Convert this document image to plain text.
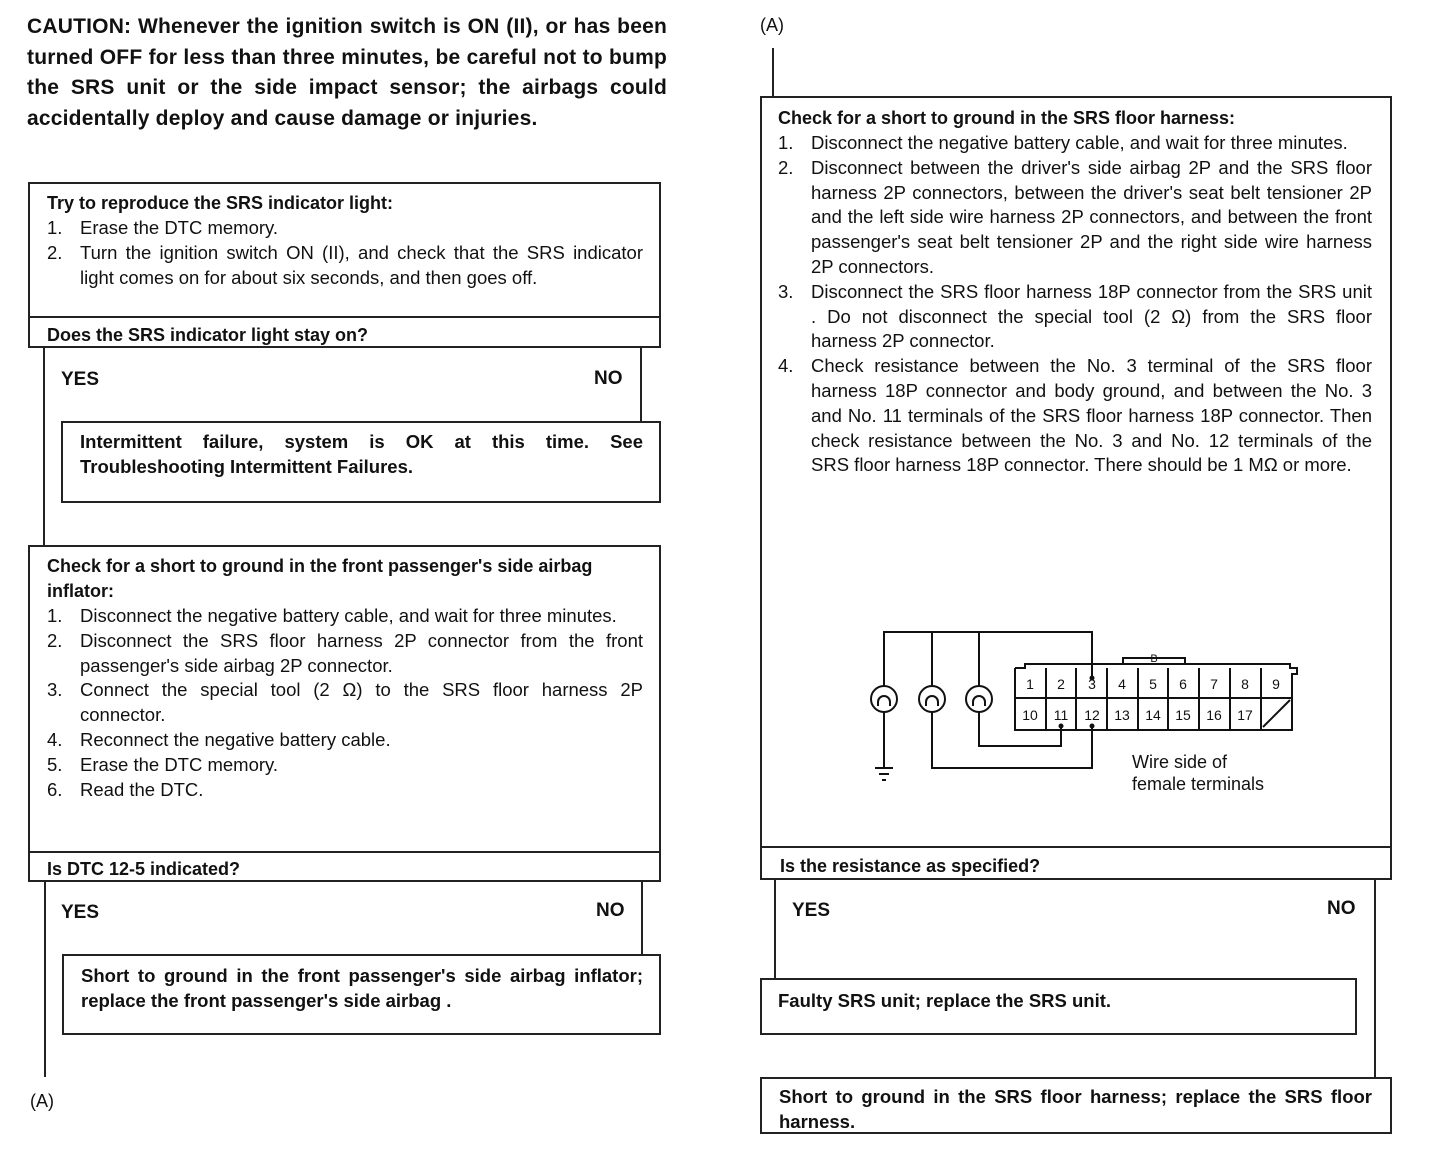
CAUTION: Whenever the ignition switch is ON (II), or has been turned OFF for less than three minutes, be careful not to bump the SRS unit or the side impact sensor; the airbags could accidentally deploy and cause damage or injuries.
Try to reproduce the SRS indicator light:
1. Erase the DTC memory.
2. Turn the ignition switch ON (II), and check that the SRS indicator light comes on for about six seconds, and then goes off.
Does the SRS indicator light stay on?
YES	NO
Intermittent failure, system is OK at this time. See Troubleshooting Intermittent Failures.
Check for a short to ground in the front passenger's side airbag inflator:
1. Disconnect the negative battery cable, and wait for three minutes.
2. Disconnect the SRS floor harness 2P connector from the front passenger's side airbag 2P connector.
3. Connect the special tool (2 Ω) to the SRS floor harness 2P connector.
4. Reconnect the negative battery cable.
5. Erase the DTC memory.
6. Read the DTC.
Is DTC 12-5 indicated?
YES	NO
Short to ground in the front passenger's side airbag inflator; replace the front passenger's side airbag .
(A)
(A)
Check for a short to ground in the SRS floor harness:
1. Disconnect the negative battery cable, and wait for three minutes.
2. Disconnect between the driver's side airbag 2P and the SRS floor harness 2P connectors, between the driver's seat belt tensioner 2P and the left side wire harness 2P connectors, and between the front passenger's seat belt tensioner 2P and the right side wire harness 2P connectors.
3. Disconnect the SRS floor harness 18P connector from the SRS unit . Do not disconnect the special tool (2 Ω) from the SRS floor harness 2P connector.
4. Check resistance between the No. 3 terminal of the SRS floor harness 18P connector and body ground, and between the No. 3 and No. 11 terminals of the SRS floor harness 18P connector. Then check resistance between the No. 3 and No. 12 terminals of the SRS floor harness 18P connector. There should be 1 MΩ or more.
1 2 3 4 5 6 7 8 9
10 11 12 13 14 15 16 17
B
Wire side of
female terminals
Is the resistance as specified?
YES	NO
Faulty SRS unit; replace the SRS unit.
Short to ground in the SRS floor harness; replace the SRS floor harness.
